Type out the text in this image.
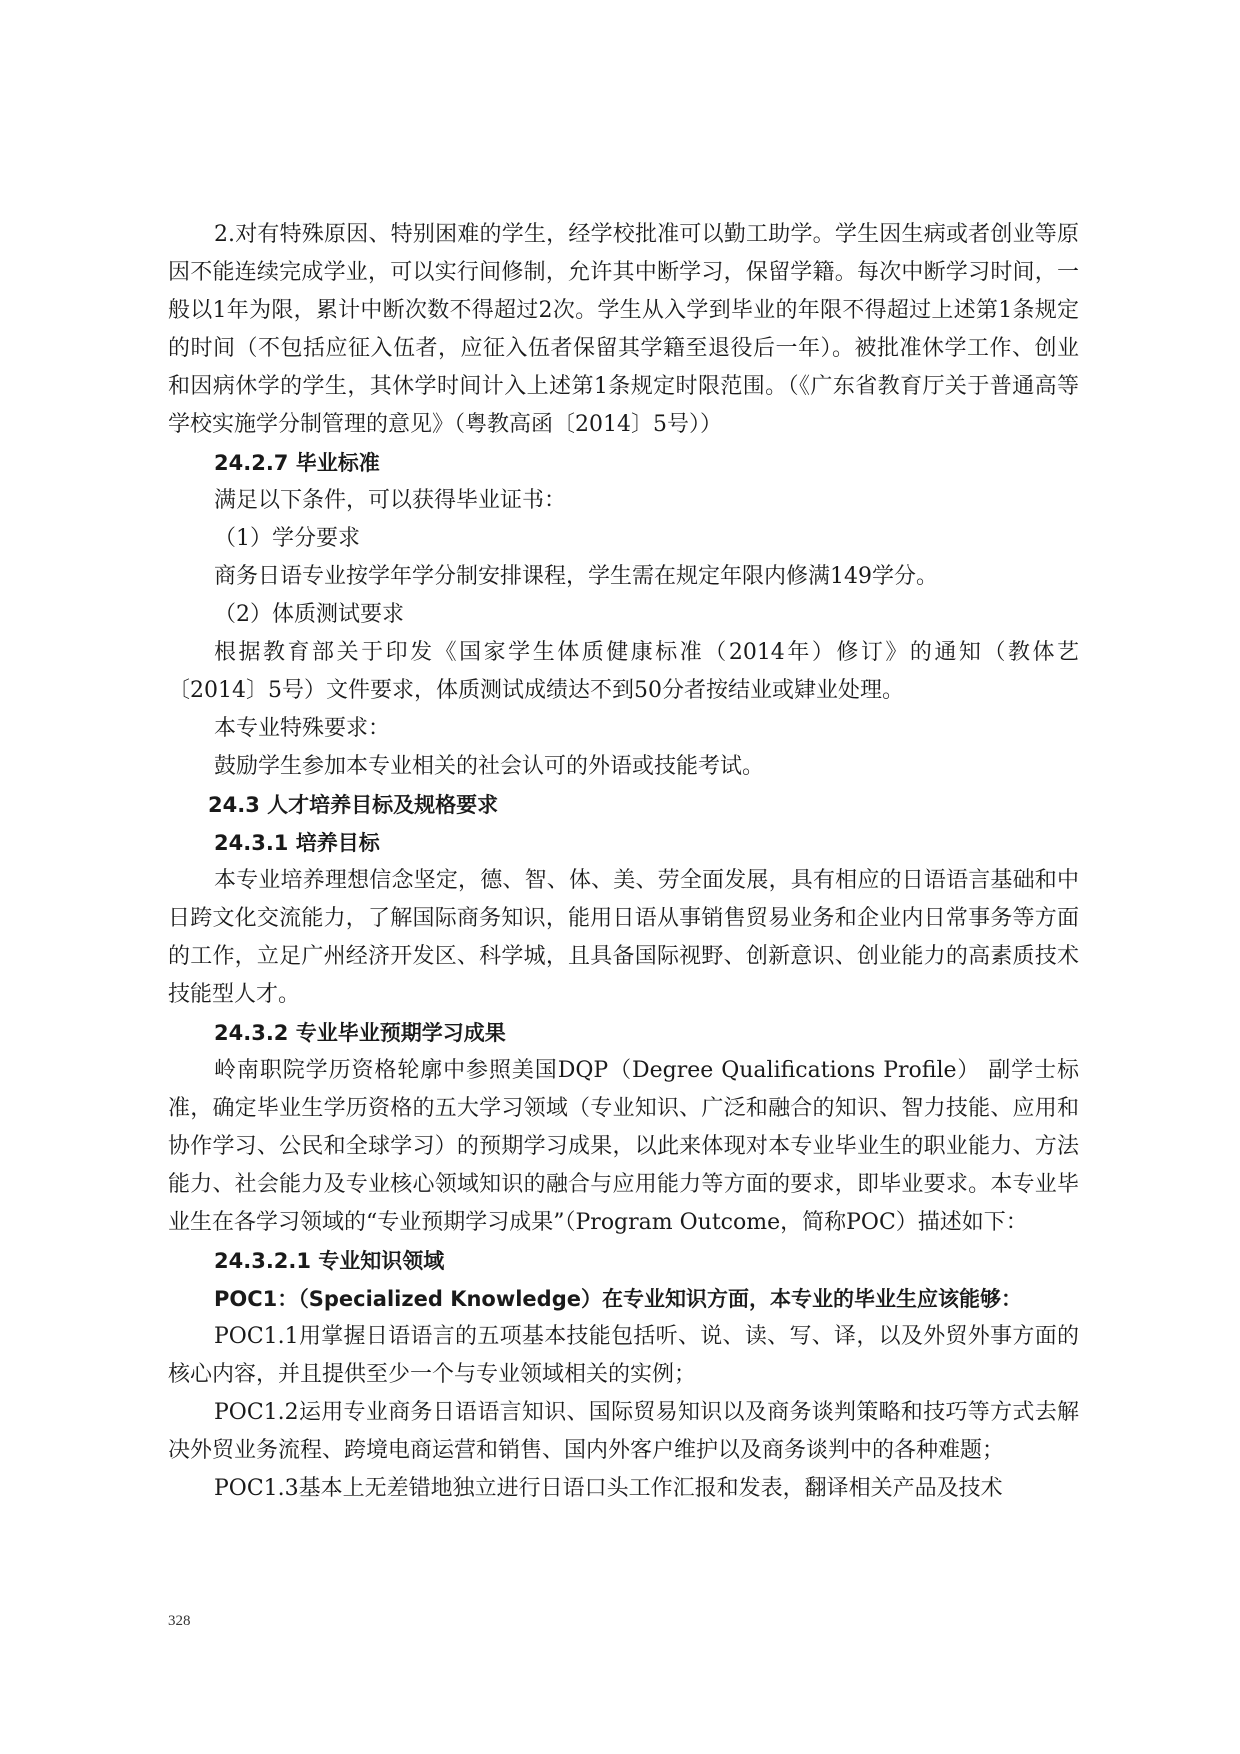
2.对有特殊原因、特别困难的学生，经学校批准可以勤工助学。学生因生病或者创业等原因不能连续完成学业，可以实行间修制，允许其中断学习，保留学籍。每次中断学习时间，一般以1年为限，累计中断次数不得超过2次。学生从入学到毕业的年限不得超过上述第1条规定的时间（不包括应征入伍者，应征入伍者保留其学籍至退役后一年）。被批准休学工作、创业和因病休学的学生，其休学时间计入上述第1条规定时限范围。（《广东省教育厅关于普通高等学校实施学分制管理的意见》（粤教高函〔2014〕5号））

24.2.7 毕业标准

满足以下条件，可以获得毕业证书：

（1）学分要求

商务日语专业按学年学分制安排课程，学生需在规定年限内修满149学分。

（2）体质测试要求

根据教育部关于印发《国家学生体质健康标准（2014年）修订》的通知（教体艺〔2014〕5号）文件要求，体质测试成绩达不到50分者按结业或肄业处理。

本专业特殊要求：

鼓励学生参加本专业相关的社会认可的外语或技能考试。

24.3 人才培养目标及规格要求

24.3.1 培养目标

本专业培养理想信念坚定，德、智、体、美、劳全面发展，具有相应的日语语言基础和中日跨文化交流能力，了解国际商务知识，能用日语从事销售贸易业务和企业内日常事务等方面的工作，立足广州经济开发区、科学城，且具备国际视野、创新意识、创业能力的高素质技术技能型人才。

24.3.2 专业毕业预期学习成果

岭南职院学历资格轮廓中参照美国DQP（Degree Qualifications Profile） 副学士标准，确定毕业生学历资格的五大学习领域（专业知识、广泛和融合的知识、智力技能、应用和协作学习、公民和全球学习）的预期学习成果，以此来体现对本专业毕业生的职业能力、方法能力、社会能力及专业核心领域知识的融合与应用能力等方面的要求，即毕业要求。本专业毕业生在各学习领域的“专业预期学习成果”（Program Outcome，简称POC）描述如下：

24.3.2.1 专业知识领域

POC1：（Specialized Knowledge）在专业知识方面，本专业的毕业生应该能够：

POC1.1用掌握日语语言的五项基本技能包括听、说、读、写、译，以及外贸外事方面的核心内容，并且提供至少一个与专业领域相关的实例；

POC1.2运用专业商务日语语言知识、国际贸易知识以及商务谈判策略和技巧等方式去解决外贸业务流程、跨境电商运营和销售、国内外客户维护以及商务谈判中的各种难题；

POC1.3基本上无差错地独立进行日语口头工作汇报和发表，翻译相关产品及技术

328
